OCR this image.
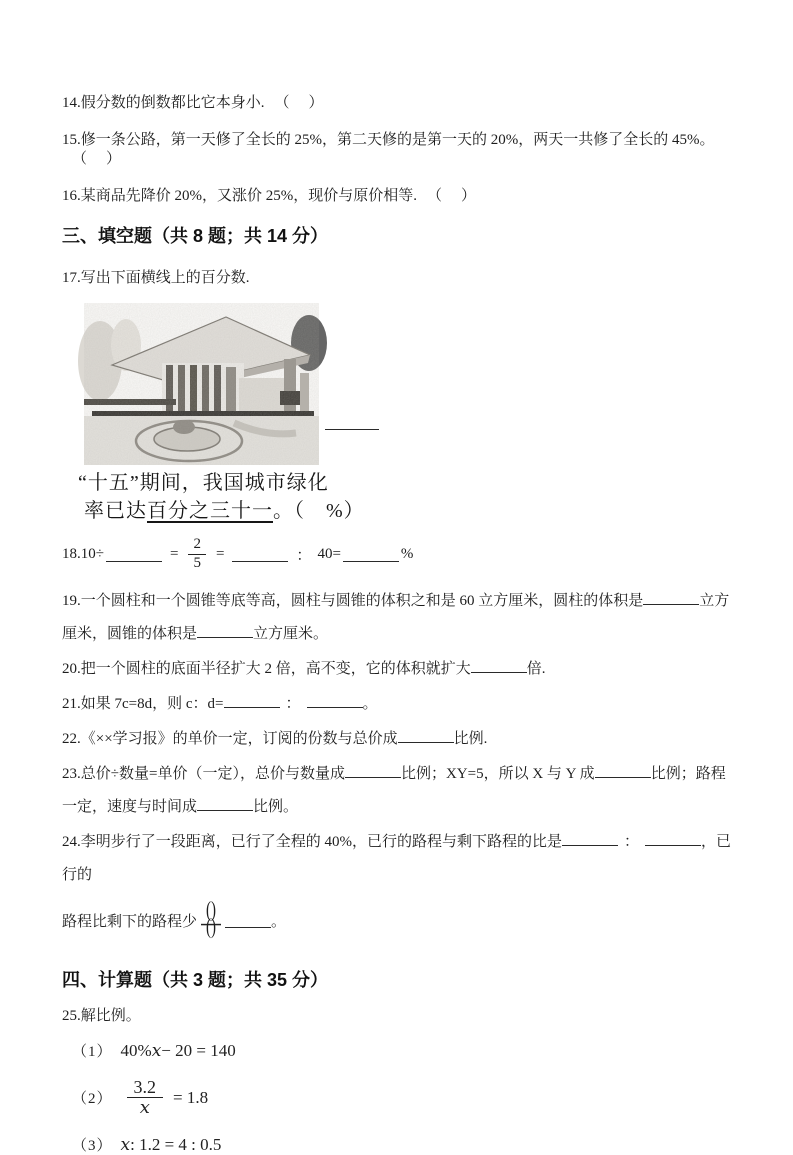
14.假分数的倒数都比它本身小. （　）

15.修一条公路，第一天修了全长的 25%，第二天修的是第一天的 20%，两天一共修了全长的 45%。（　）

16.某商品先降价 20%，又涨价 25%，现价与原价相等. （　）

三、填空题（共 8 题；共 14 分）

17.写出下面横线上的百分数.

“十五”期间，我国城市绿化
率已达百分之三十一。（　%）
18.10÷	= $\frac{2}{5}$ =	： 40=	%

19.一个圆柱和一个圆锥等底等高，圆柱与圆锥的体积之和是 60 立方厘米，圆柱的体积是	立方厘米，圆锥的体积是	立方厘米。

20.把一个圆柱的底面半径扩大 2 倍，高不变，它的体积就扩大	倍.

21.如果 7c=8d，则 c：d=	：	。

22.《××学习报》的单价一定，订阅的份数与总价成	比例.

23.总价÷数量=单价（一定），总价与数量成	比例；XY=5，所以 X 与 Y 成	比例；路程一定，速度与时间成	比例。

24.李明步行了一段距离，已行了全程的 40%，已行的路程与剩下路程的比是	：	，已行的

路程比剩下的路程少 ()
()	。
四、计算题（共 3 题；共 35 分）

25.解比例。

（1） 40% x − 20 = 140
$(2) \frac{3.2}{x} = 1.8$
（3） x : 1.2 = 4 : 0.5
